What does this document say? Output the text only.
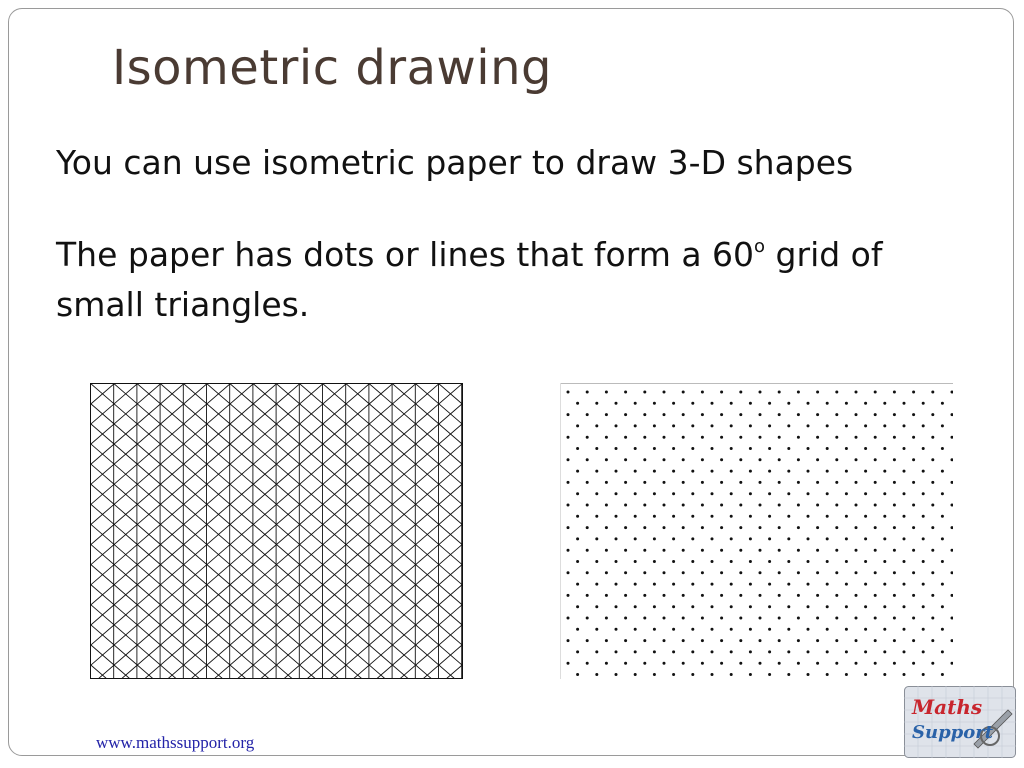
Isometric drawing
You can use isometric paper to draw 3-D shapes
The paper has dots or lines that form a 60$^o$ grid of small triangles.
www.mathssupport.org
Maths
Support
